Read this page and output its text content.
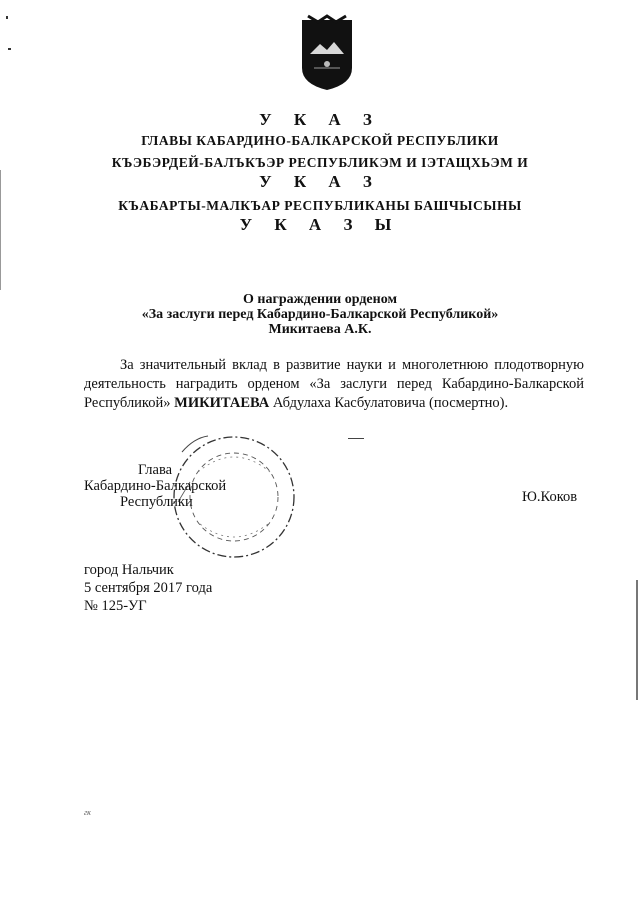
У К А З
ГЛАВЫ КАБАРДИНО-БАЛКАРСКОЙ РЕСПУБЛИКИ
КЪЭБЭРДЕЙ-БАЛЪКЪЭР РЕСПУБЛИКЭМ И IЭТАЩХЬЭМ И
У К А З
КЪАБАРТЫ-МАЛКЪАР РЕСПУБЛИКАНЫ БАШЧЫСЫНЫ
У К А З Ы
О награждении орденом
«За заслуги перед Кабардино-Балкарской Республикой»
Микитаева А.К.
За значительный вклад в развитие науки и многолетнюю плодотворную деятельность наградить орденом «За заслуги перед Кабардино-Балкарской Республикой» МИКИТАЕВА Абдулаха Касбулатовича (посмертно).
Глава
Кабардино-Балкарской
Республики	Ю.Коков
город Нальчик
5 сентября 2017 года
№ 125-УГ
гк
